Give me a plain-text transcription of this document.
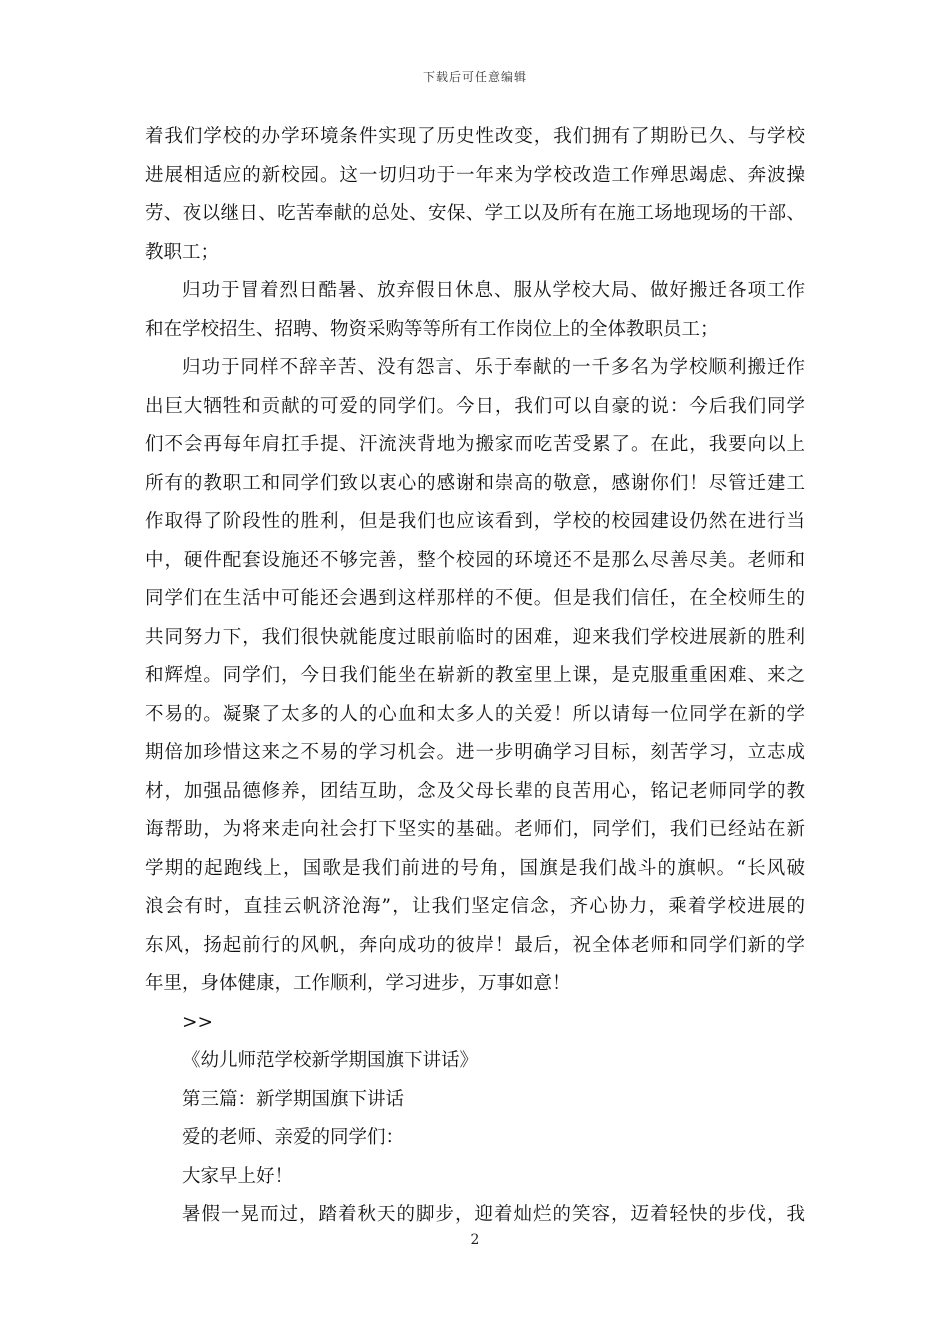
下载后可任意编辑
着我们学校的办学环境条件实现了历史性改变，我们拥有了期盼已久、与学校
进展相适应的新校园。这一切归功于一年来为学校改造工作殚思竭虑、奔波操
劳、夜以继日、吃苦奉献的总处、安保、学工以及所有在施工场地现场的干部、
教职工；
归功于冒着烈日酷暑、放弃假日休息、服从学校大局、做好搬迁各项工作
和在学校招生、招聘、物资采购等等所有工作岗位上的全体教职员工；
归功于同样不辞辛苦、没有怨言、乐于奉献的一千多名为学校顺利搬迁作
出巨大牺牲和贡献的可爱的同学们。今日，我们可以自豪的说：今后我们同学
们不会再每年肩扛手提、汗流浃背地为搬家而吃苦受累了。在此，我要向以上
所有的教职工和同学们致以衷心的感谢和崇高的敬意，感谢你们！尽管迁建工
作取得了阶段性的胜利，但是我们也应该看到，学校的校园建设仍然在进行当
中，硬件配套设施还不够完善，整个校园的环境还不是那么尽善尽美。老师和
同学们在生活中可能还会遇到这样那样的不便。但是我们信任，在全校师生的
共同努力下，我们很快就能度过眼前临时的困难，迎来我们学校进展新的胜利
和辉煌。同学们，今日我们能坐在崭新的教室里上课，是克服重重困难、来之
不易的。凝聚了太多的人的心血和太多人的关爱！所以请每一位同学在新的学
期倍加珍惜这来之不易的学习机会。进一步明确学习目标，刻苦学习，立志成
材，加强品德修养，团结互助，念及父母长辈的良苦用心，铭记老师同学的教
诲帮助，为将来走向社会打下坚实的基础。老师们，同学们，我们已经站在新
学期的起跑线上，国歌是我们前进的号角，国旗是我们战斗的旗帜。“长风破
浪会有时，直挂云帆济沧海”，让我们坚定信念，齐心协力，乘着学校进展的
东风，扬起前行的风帆，奔向成功的彼岸！最后，祝全体老师和同学们新的学
年里，身体健康，工作顺利，学习进步，万事如意！
>>
《幼儿师范学校新学期国旗下讲话》
第三篇：新学期国旗下讲话
爱的老师、亲爱的同学们：
大家早上好！
暑假一晃而过，踏着秋天的脚步，迎着灿烂的笑容，迈着轻快的步伐，我
2
